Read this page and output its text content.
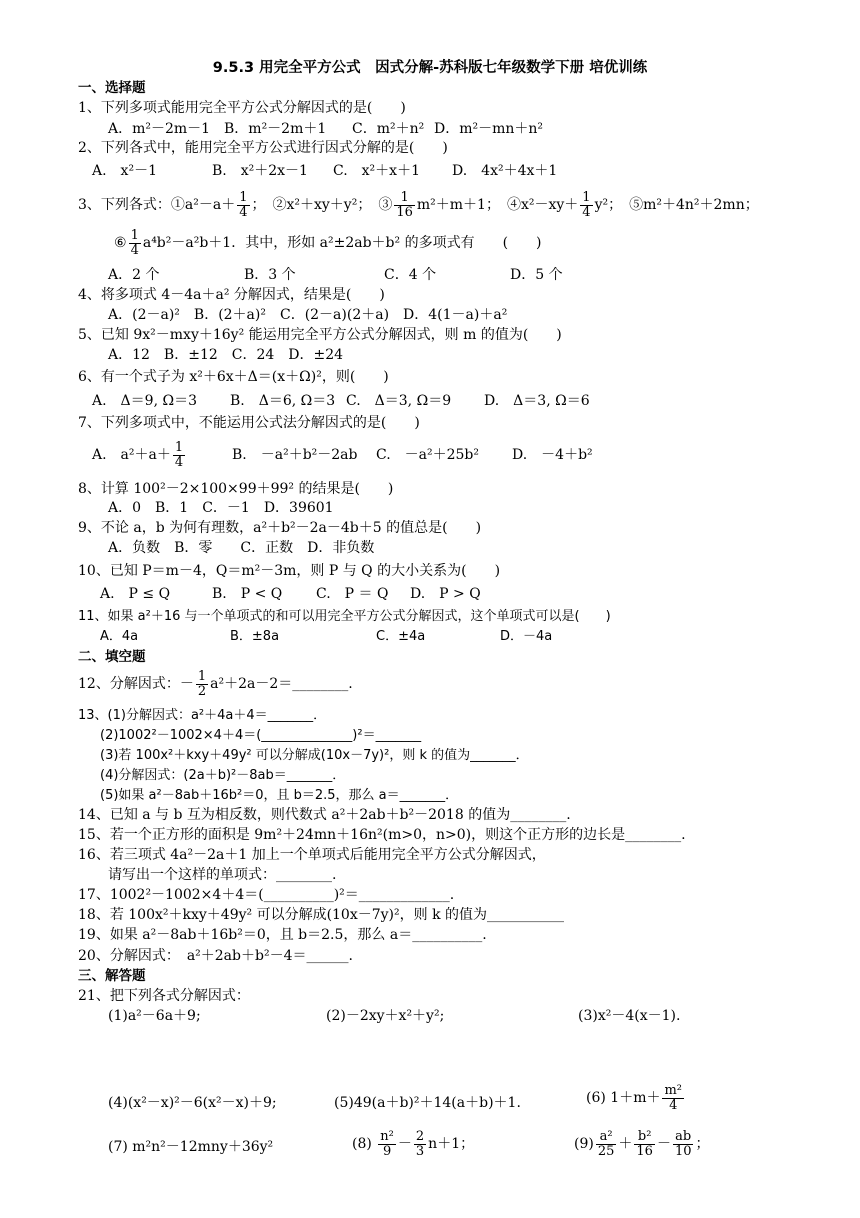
9.5.3 用完全平方公式　因式分解-苏科版七年级数学下册 培优训练
一、选择题
1、下列多项式能用完全平方公式分解因式的是(　　)
A．m²－2m－1 B．m²－2m＋1 C．m²＋n² D．m²－mn＋n²
2、下列各式中，能用完全平方公式进行因式分解的是(　　)
A.　x²－1	B.　x²＋2x－1 C.　x²＋x＋1 D.　4x²＋4x＋1
3、下列各式：①a²－a＋ $\frac{1}{4}$ ；　②x²＋xy＋y²；　③ $\frac{1}{16} m^2+m+1$；　④x²－xy＋ $\frac{1}{4} y^2$；　⑤m²＋4n²＋2mn；
⑥ $\frac{1}{4} a^4b^2-a^2b+1$．其中，形如 a²±2ab＋b² 的多项式有　　(　　)
A．2 个	B．3 个	C．4 个	D．5 个
4、将多项式 4－4a＋a² 分解因式，结果是(　　)
A．(2－a)²　B．(2＋a)²　C．(2－a)(2＋a)　D．4(1－a)＋a²
5、已知 9x²－mxy＋16y² 能运用完全平方公式分解因式，则 m 的值为(　　)
A．12　B．±12　C．24　D．±24
6、有一个式子为 x²＋6x＋Δ＝(x＋Ω)²，则(　　)
A.　Δ＝9, Ω＝3 B.　Δ＝6, Ω＝3 C.　Δ＝3, Ω＝9 D.　Δ＝3, Ω＝6
7、下列多项式中，不能运用公式法分解因式的是(　　)
A.　$a^2+a+ \frac{1}{4}$	B.　－a²＋b²－2ab C.　－a²＋25b² D.　－4＋b²
8、计算 100²－2×100×99＋99² 的结果是(　　)
A．0　B．1　C．－1　D．39601
9、不论 a，b 为何有理数，a²＋b²－2a－4b＋5 的值总是(　　)
A．负数　B．零　　C．正数　D．非负数
10、已知 P＝m－4，Q＝m²－3m，则 P 与 Q 的大小关系为(　　)
A.　P ≤ Q	B.　P < Q C.　P ＝ Q D.　P > Q
11、如果 a²＋16 与一个单项式的和可以用完全平方公式分解因式，这个单项式可以是(　　)
A．4a	B．±8a	C．±4a	D．－4a
二、填空题
12、分解因式：－ $\frac{1}{2}$ a²＋2a－2＝________.
13、(1)分解因式：a²＋4a＋4＝_______．
(2)1002²－1002×4＋4＝(______________)²＝_______
(3)若 100x²＋kxy＋49y² 可以分解成(10x－7y)²，则 k 的值为_______．
(4)分解因式：(2a＋b)²－8ab＝_______．
(5)如果 a²－8ab＋16b²＝0，且 b＝2.5，那么 a＝_______．
14、已知 a 与 b 互为相反数，则代数式 a²＋2ab＋b²－2018 的值为________.
15、若一个正方形的面积是 9m²＋24mn＋16n²(m>0，n>0)，则这个正方形的边长是________.
16、若三项式 4a²－2a＋1 加上一个单项式后能用完全平方公式分解因式，
请写出一个这样的单项式：________.
17、1002²－1002×4＋4＝(__________)²＝_____________.
18、若 100x²＋kxy＋49y² 可以分解成(10x－7y)²，则 k 的值为___________
19、如果 a²－8ab＋16b²＝0，且 b＝2.5，那么 a＝__________.
20、分解因式：　a²＋2ab＋b²－4＝______.
三、解答题
21、把下列各式分解因式：
(1)a²－6a＋9;	(2)－2xy＋x²＋y²;	(3)x²－4(x－1).
(4)(x²－x)²－6(x²－x)＋9;	(5)49(a＋b)²＋14(a＋b)＋1.	(6) $1+m+ \frac{\text{m²}}{4}$
(7) m²n²－12mny＋36y²	$(8) \frac{\text{n²}}{9} - \frac{2}{3} n+1$；	$(9) \frac{\text{a²}}{25} + \frac{\text{b²}}{16} - \frac{ab}{10}$ ；
